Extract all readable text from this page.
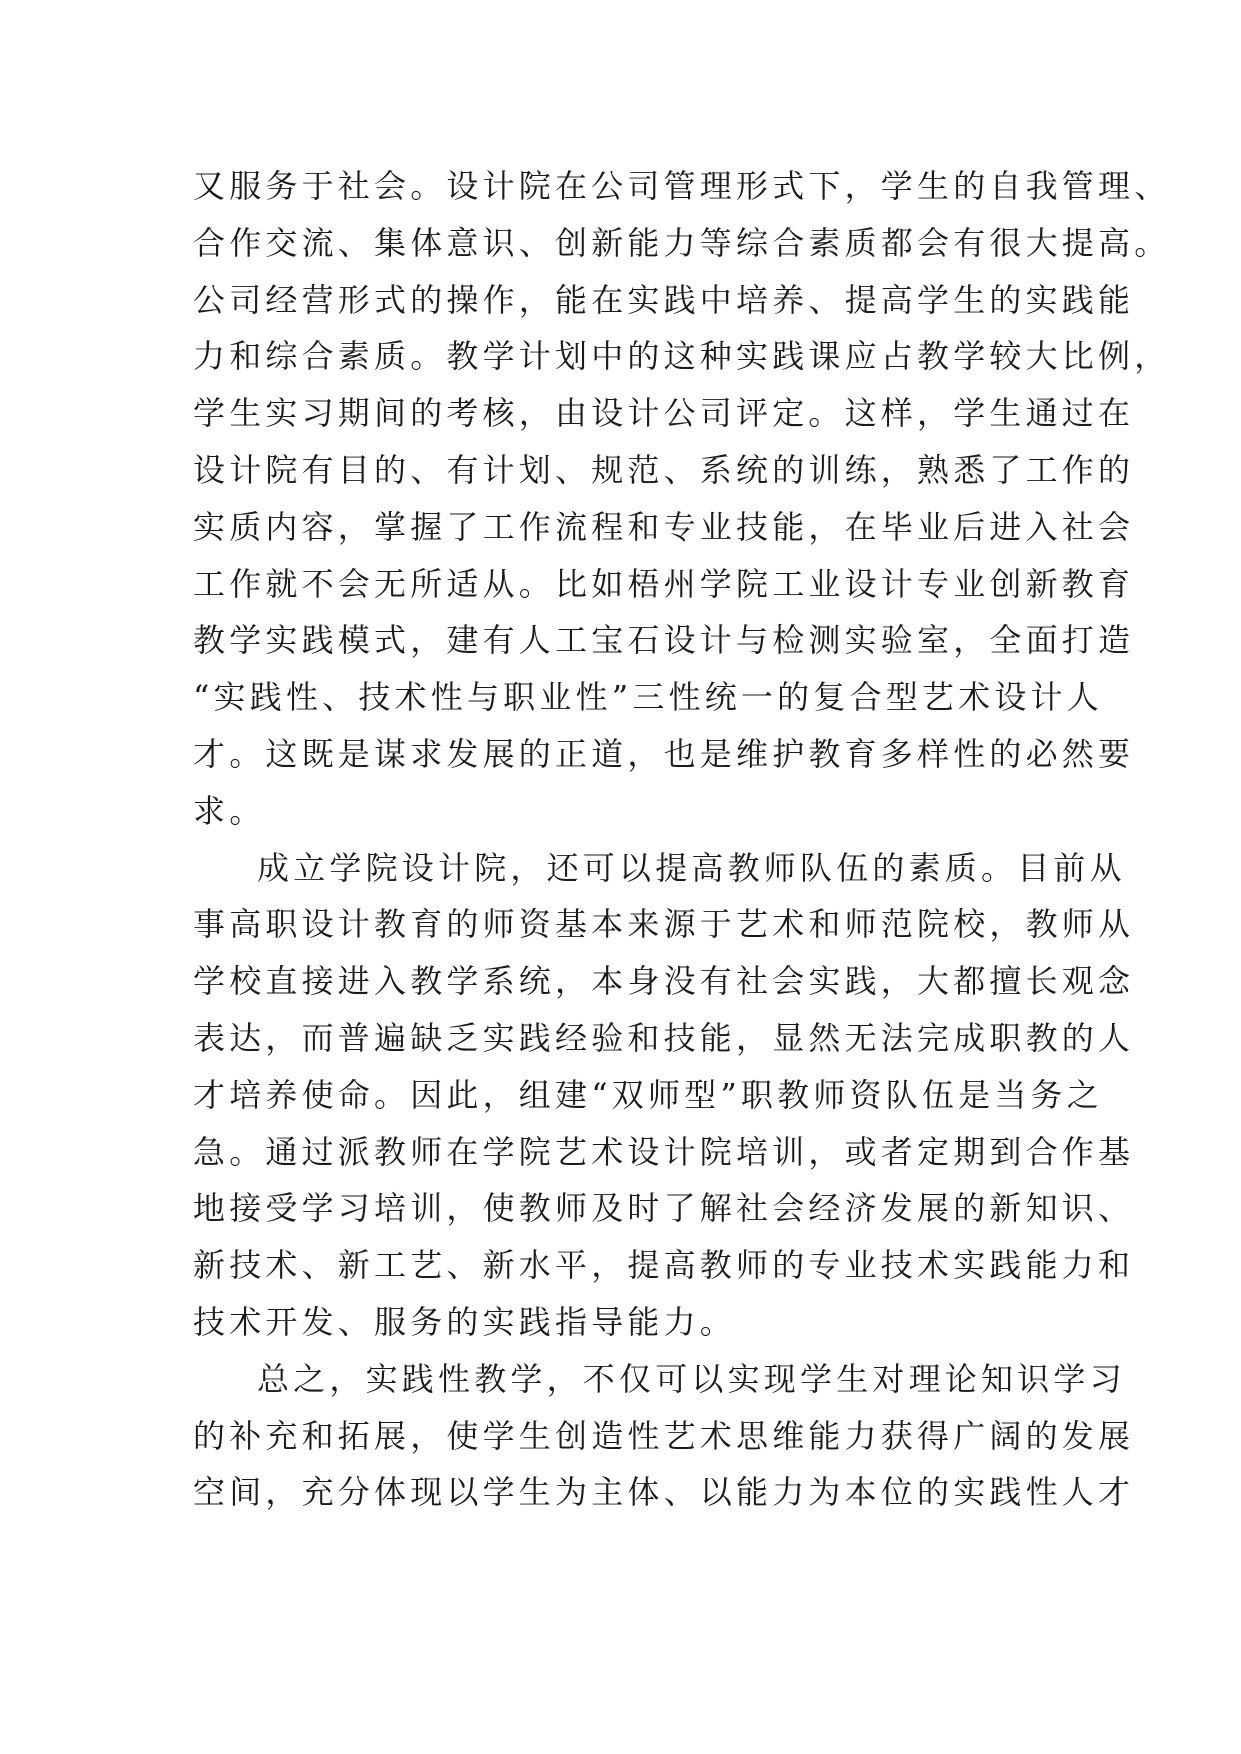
又服务于社会。设计院在公司管理形式下，学生的自我管理、
合作交流、集体意识、创新能力等综合素质都会有很大提高。
公司经营形式的操作，能在实践中培养、提高学生的实践能
力和综合素质。教学计划中的这种实践课应占教学较大比例，
学生实习期间的考核，由设计公司评定。这样，学生通过在
设计院有目的、有计划、规范、系统的训练，熟悉了工作的
实质内容，掌握了工作流程和专业技能，在毕业后进入社会
工作就不会无所适从。比如梧州学院工业设计专业创新教育
教学实践模式，建有人工宝石设计与检测实验室，全面打造
“实践性、技术性与职业性”三性统一的复合型艺术设计人
才。这既是谋求发展的正道，也是维护教育多样性的必然要
求。
成立学院设计院，还可以提高教师队伍的素质。目前从
事高职设计教育的师资基本来源于艺术和师范院校，教师从
学校直接进入教学系统，本身没有社会实践，大都擅长观念
表达，而普遍缺乏实践经验和技能，显然无法完成职教的人
才培养使命。因此，组建“双师型”职教师资队伍是当务之
急。通过派教师在学院艺术设计院培训，或者定期到合作基
地接受学习培训，使教师及时了解社会经济发展的新知识、
新技术、新工艺、新水平，提高教师的专业技术实践能力和
技术开发、服务的实践指导能力。
总之，实践性教学，不仅可以实现学生对理论知识学习
的补充和拓展，使学生创造性艺术思维能力获得广阔的发展
空间，充分体现以学生为主体、以能力为本位的实践性人才
